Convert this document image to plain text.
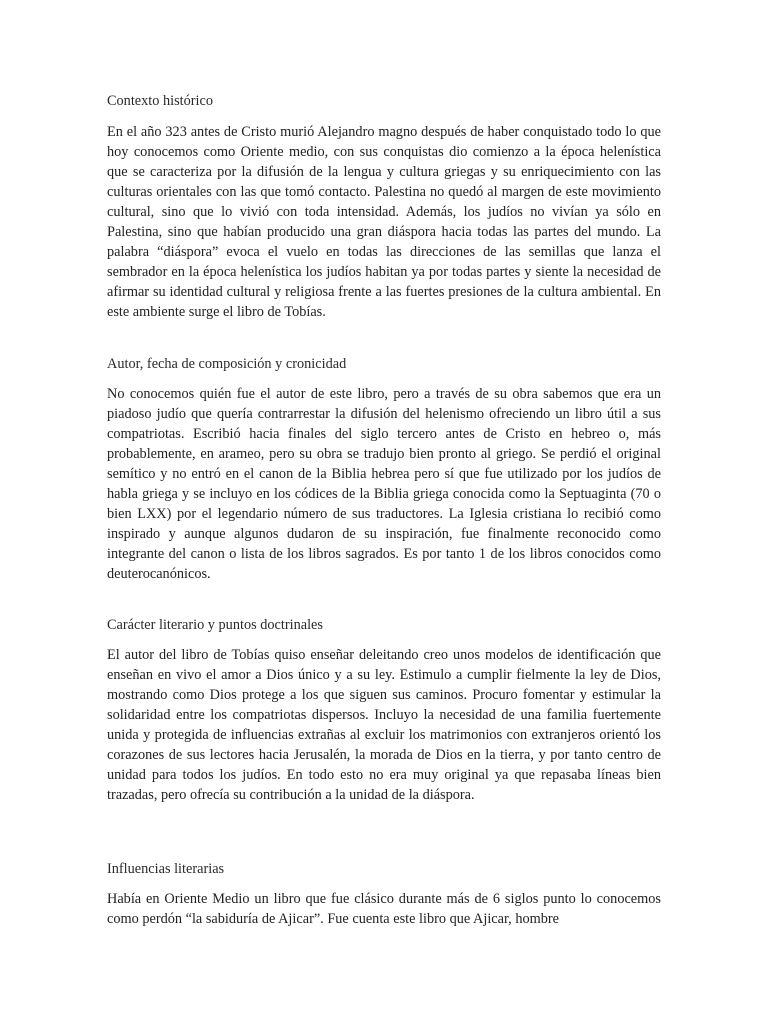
Contexto histórico

En el año 323 antes de Cristo murió Alejandro magno después de haber conquistado todo lo que hoy conocemos como Oriente medio, con sus conquistas dio comienzo a la época helenística que se caracteriza por la difusión de la lengua y cultura griegas y su enriquecimiento con las culturas orientales con las que tomó contacto. Palestina no quedó al margen de este movimiento cultural, sino que lo vivió con toda intensidad. Además, los judíos no vivían ya sólo en Palestina, sino que habían producido una gran diáspora hacia todas las partes del mundo. La palabra “diáspora” evoca el vuelo en todas las direcciones de las semillas que lanza el sembrador en la época helenística los judíos habitan ya por todas partes y siente la necesidad de afirmar su identidad cultural y religiosa frente a las fuertes presiones de la cultura ambiental. En este ambiente surge el libro de Tobías.

Autor, fecha de composición y cronicidad

No conocemos quién fue el autor de este libro, pero a través de su obra sabemos que era un piadoso judío que quería contrarrestar la difusión del helenismo ofreciendo un libro útil a sus compatriotas. Escribió hacia finales del siglo tercero antes de Cristo en hebreo o, más probablemente, en arameo, pero su obra se tradujo bien pronto al griego. Se perdió el original semítico y no entró en el canon de la Biblia hebrea pero sí que fue utilizado por los judíos de habla griega y se incluyo en los códices de la Biblia griega conocida como la Septuaginta (70 o bien LXX) por el legendario número de sus traductores. La Iglesia cristiana lo recibió como inspirado y aunque algunos dudaron de su inspiración, fue finalmente reconocido como integrante del canon o lista de los libros sagrados. Es por tanto 1 de los libros conocidos como deuterocanónicos.

Carácter literario y puntos doctrinales

El autor del libro de Tobías quiso enseñar deleitando creo unos modelos de identificación que enseñan en vivo el amor a Dios único y a su ley. Estimulo a cumplir fielmente la ley de Dios, mostrando como Dios protege a los que siguen sus caminos. Procuro fomentar y estimular la solidaridad entre los compatriotas dispersos. Incluyo la necesidad de una familia fuertemente unida y protegida de influencias extrañas al excluir los matrimonios con extranjeros orientó los corazones de sus lectores hacia Jerusalén, la morada de Dios en la tierra, y por tanto centro de unidad para todos los judíos. En todo esto no era muy original ya que repasaba líneas bien trazadas, pero ofrecía su contribución a la unidad de la diáspora.

Influencias literarias

Había en Oriente Medio un libro que fue clásico durante más de 6 siglos punto lo conocemos como perdón “la sabiduría de Ajicar”. Fue cuenta este libro que Ajicar, hombre
